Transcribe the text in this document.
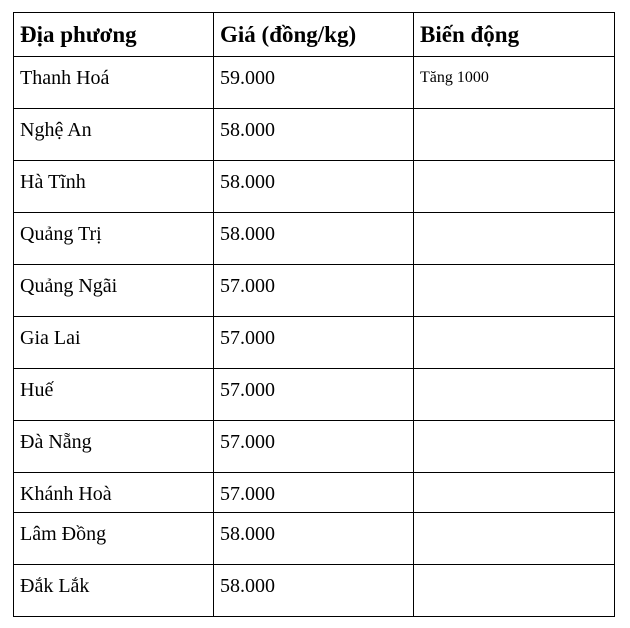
Địa phương	Giá (đồng/kg)	Biến động
Thanh Hoá	59.000	Tăng 1000
Nghệ An	58.000	
Hà Tĩnh	58.000	
Quảng Trị	58.000	
Quảng Ngãi	57.000	
Gia Lai	57.000	
Huế	57.000	
Đà Nẵng	57.000	
Khánh Hoà	57.000	
Lâm Đồng	58.000	
Đắk Lắk	58.000	
